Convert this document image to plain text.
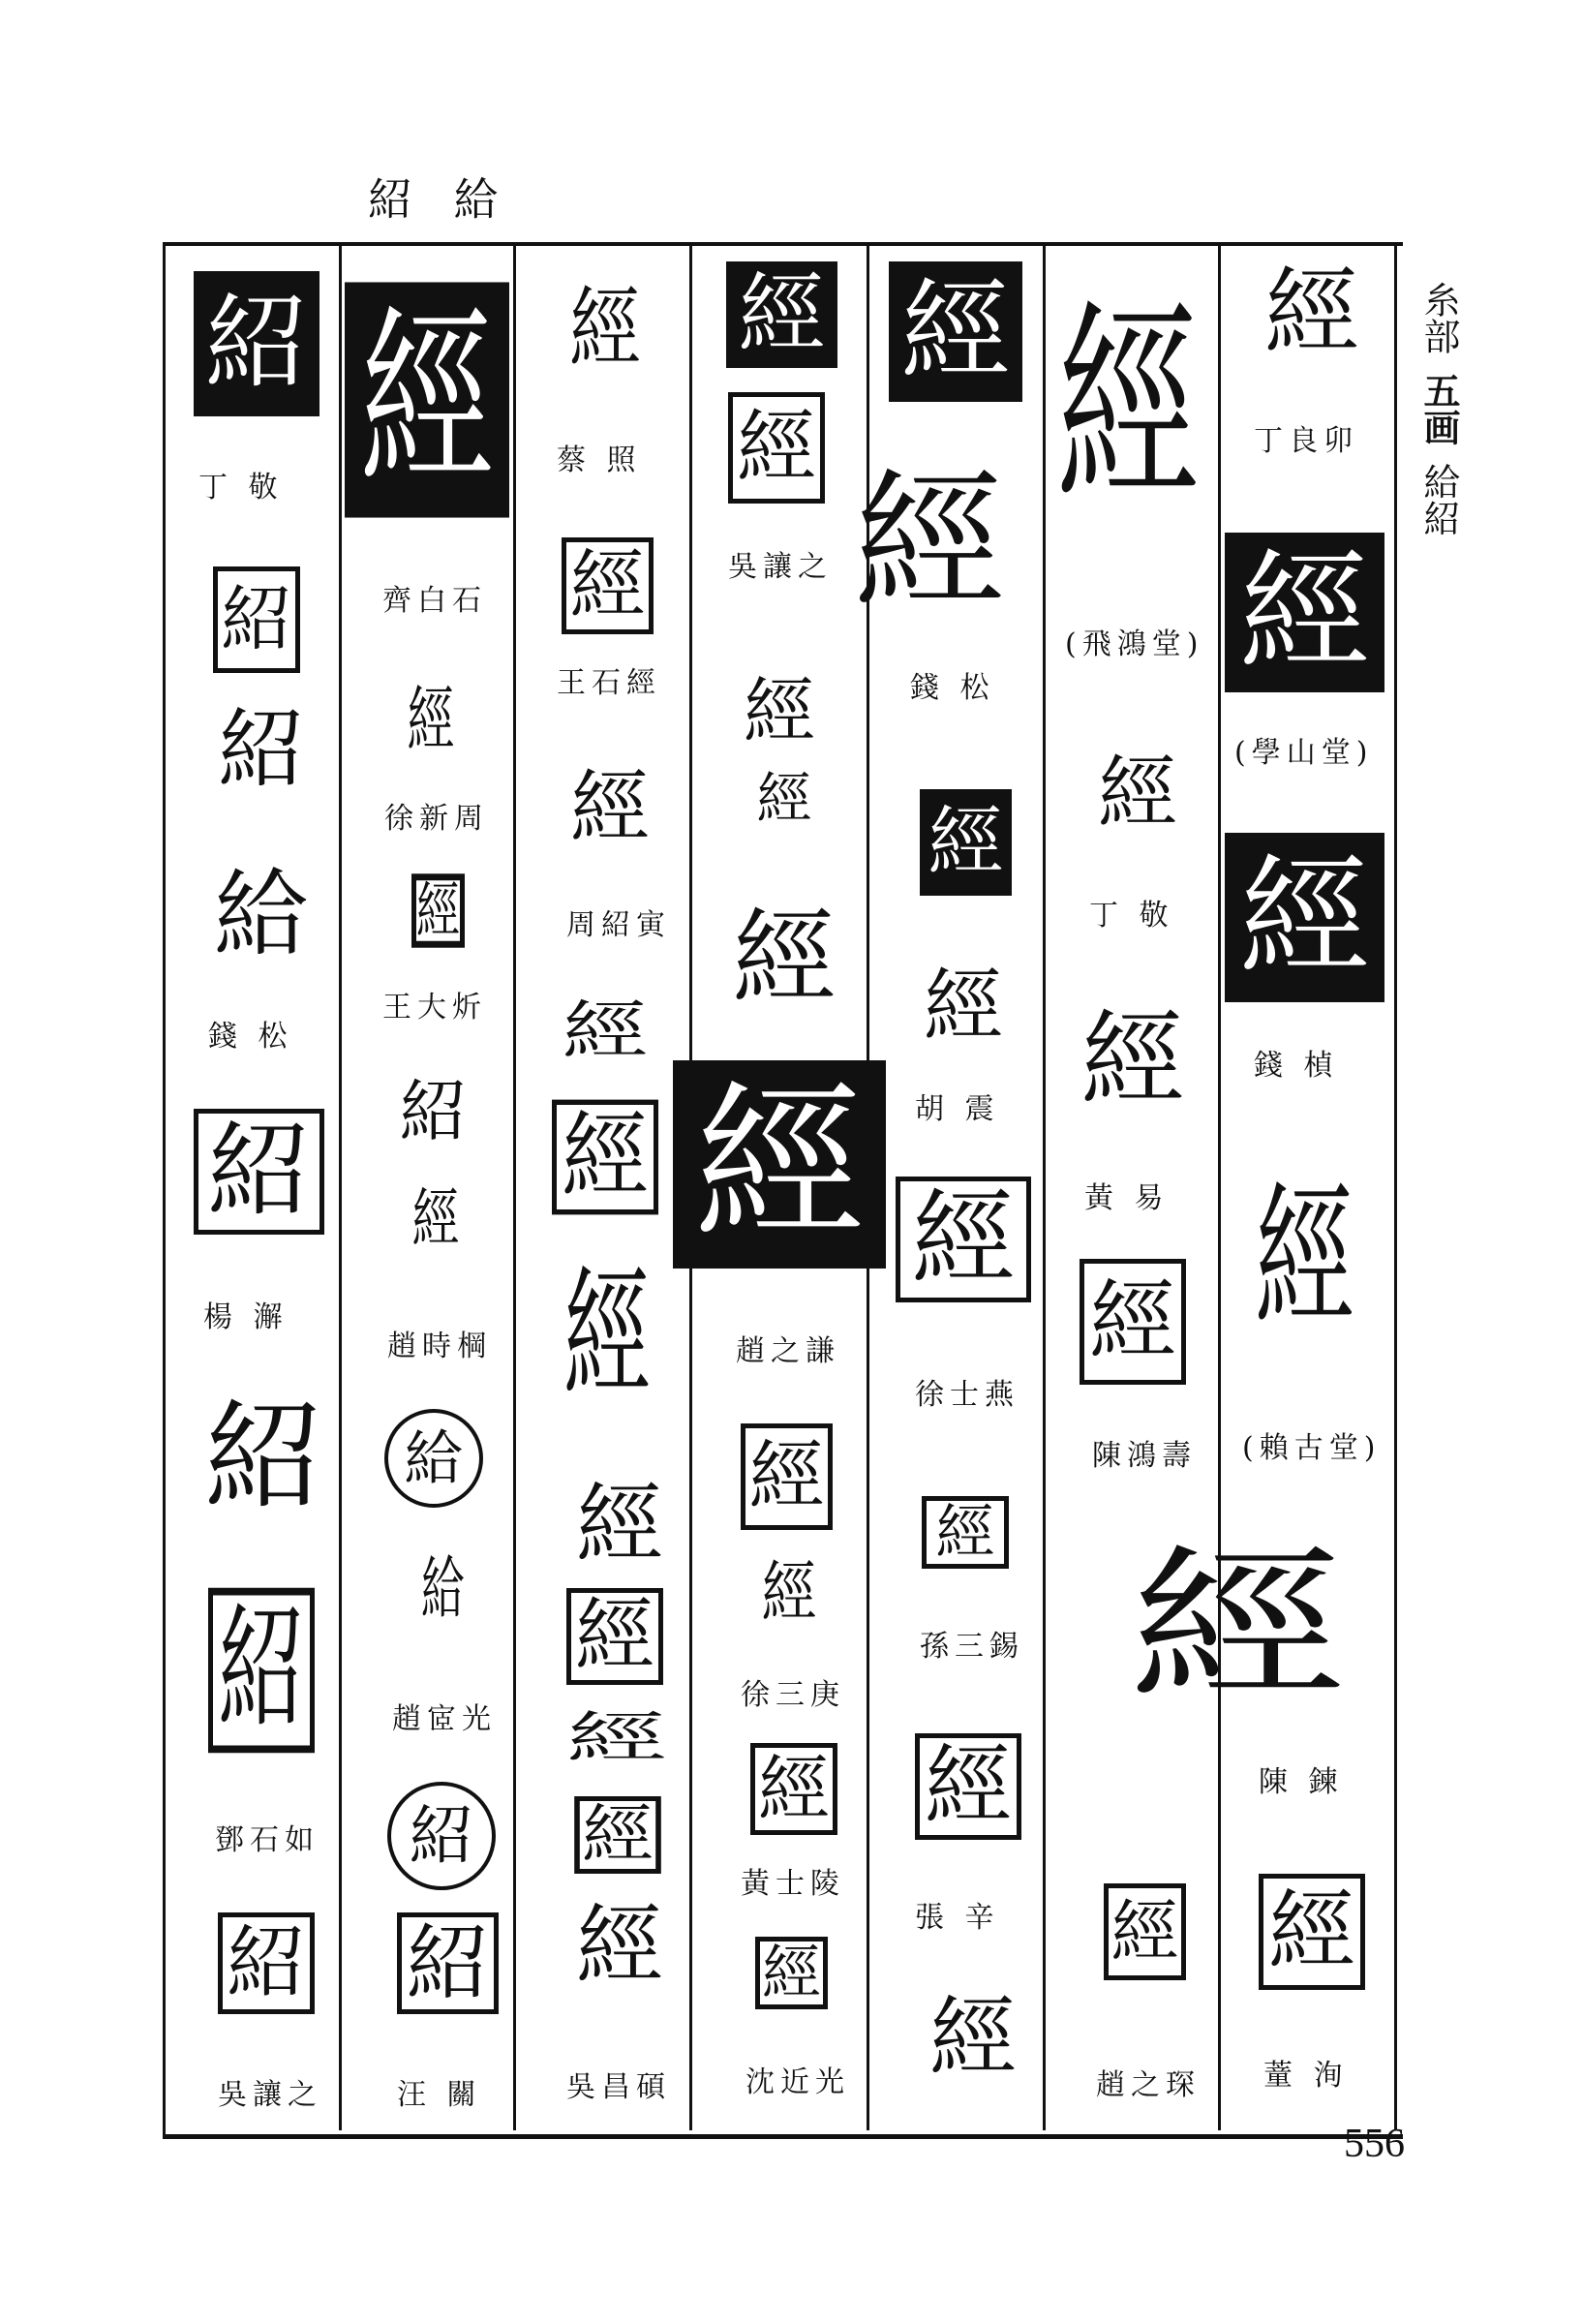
紹 給
糸部
五画
給紹
紹
紹
紹
給
紹
紹
紹
紹
經
經
經
紹
經
給
給
紹
紹
經
經
經
經
經
經
經
經
經
經
經
經
經
經
經
經
經
經
經
經
經
經
經
經
經
經
經
經
經
經
經
經
經
經
經
經
經
經
經
經
丁 敬
錢 松
楊 澥
鄧石如
吳讓之
齊白石
徐新周
王大炘
趙時棡
趙宧光
汪 關
蔡 照
王石經
周紹寅
吳昌碩
吳讓之
趙之謙
徐三庚
黃士陵
沈近光
錢 松
胡 震
徐士燕
孫三錫
張 辛
(飛鴻堂)
丁 敬
黃 易
陳鴻壽
趙之琛
丁良卯
(學山堂)
錢 楨
(賴古堂)
陳 鍊
蕫 洵
556
